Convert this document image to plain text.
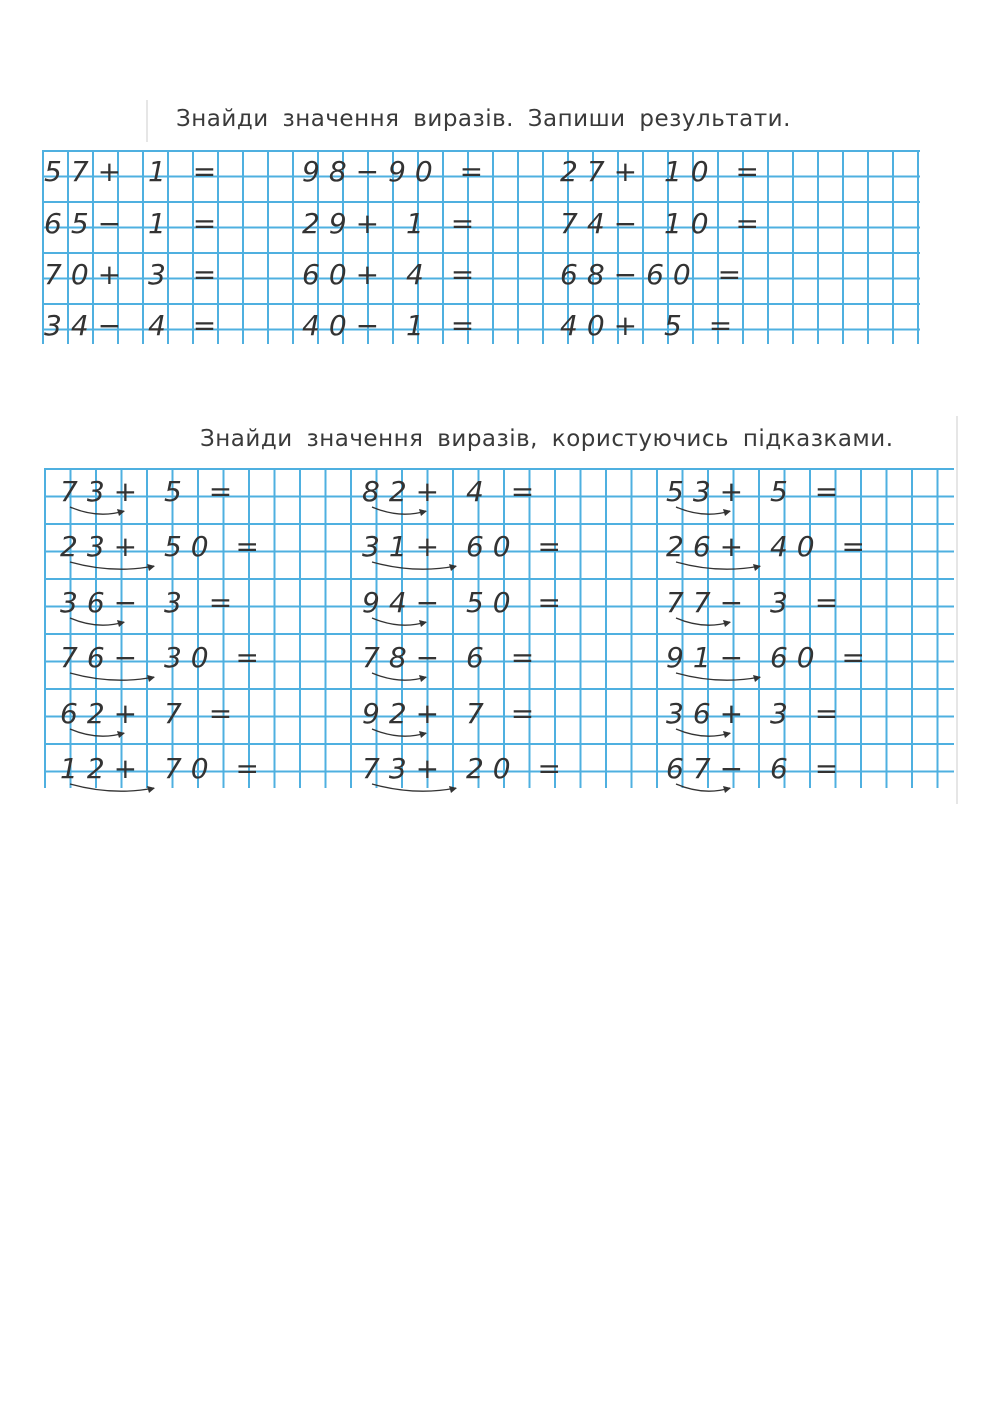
Знайди значення виразів. Запиши результати.
57+ 1 =
65− 1 =
70+ 3 =
34− 4 =
98−90 =
29+ 1 =
60+ 4 =
40− 1 =
27+ 10 =
74− 10 =
68−60 =
40+ 5 =
Знайди значення виразів, користуючись підказками.
73+ 5 =
23+ 50 =
36− 3 =
76− 30 =
62+ 7 =
12+ 70 =
82+ 4 =
31+ 60 =
94− 50 =
78− 6 =
92+ 7 =
73+ 20 =
53+ 5 =
26+ 40 =
77− 3 =
91− 60 =
36+ 3 =
67− 6 =
